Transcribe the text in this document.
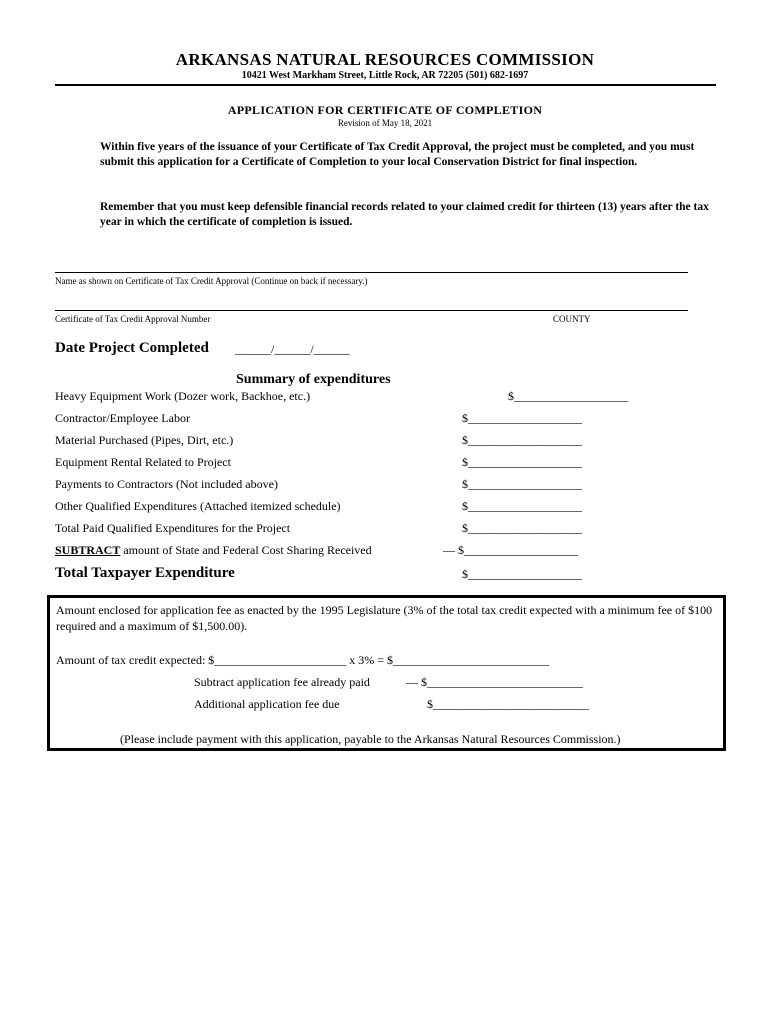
ARKANSAS NATURAL RESOURCES COMMISSION
10421 West Markham Street, Little Rock, AR 72205 (501) 682-1697
APPLICATION FOR CERTIFICATE OF COMPLETION
Revision of May 18, 2021
Within five years of the issuance of your Certificate of Tax Credit Approval, the project must be completed, and you must submit this application for a Certificate of Completion to your local Conservation District for final inspection.
Remember that you must keep defensible financial records related to your claimed credit for thirteen (13) years after the tax year in which the certificate of completion is issued.
Name as shown on Certificate of Tax Credit Approval (Continue on back if necessary.)
Certificate of Tax Credit Approval Number	COUNTY
Date Project Completed ______/______/______
Summary of expenditures
Heavy Equipment Work (Dozer work, Backhoe, etc.)	$___________________
Contractor/Employee Labor	$___________________
Material Purchased (Pipes, Dirt, etc.)	$___________________
Equipment Rental Related to Project	$___________________
Payments to Contractors (Not included above)	$___________________
Other Qualified Expenditures (Attached itemized schedule)	$___________________
Total Paid Qualified Expenditures for the Project	$___________________
SUBTRACT amount of State and Federal Cost Sharing Received	— $___________________
Total Taxpayer Expenditure	$___________________
Amount enclosed for application fee as enacted by the 1995 Legislature (3% of the total tax credit expected with a minimum fee of $100 required and a maximum of $1,500.00).
Amount of tax credit expected: $______________________ x 3% = $__________________________
Subtract application fee already paid	— $__________________________
Additional application fee due	$__________________________
(Please include payment with this application, payable to the Arkansas Natural Resources Commission.)
